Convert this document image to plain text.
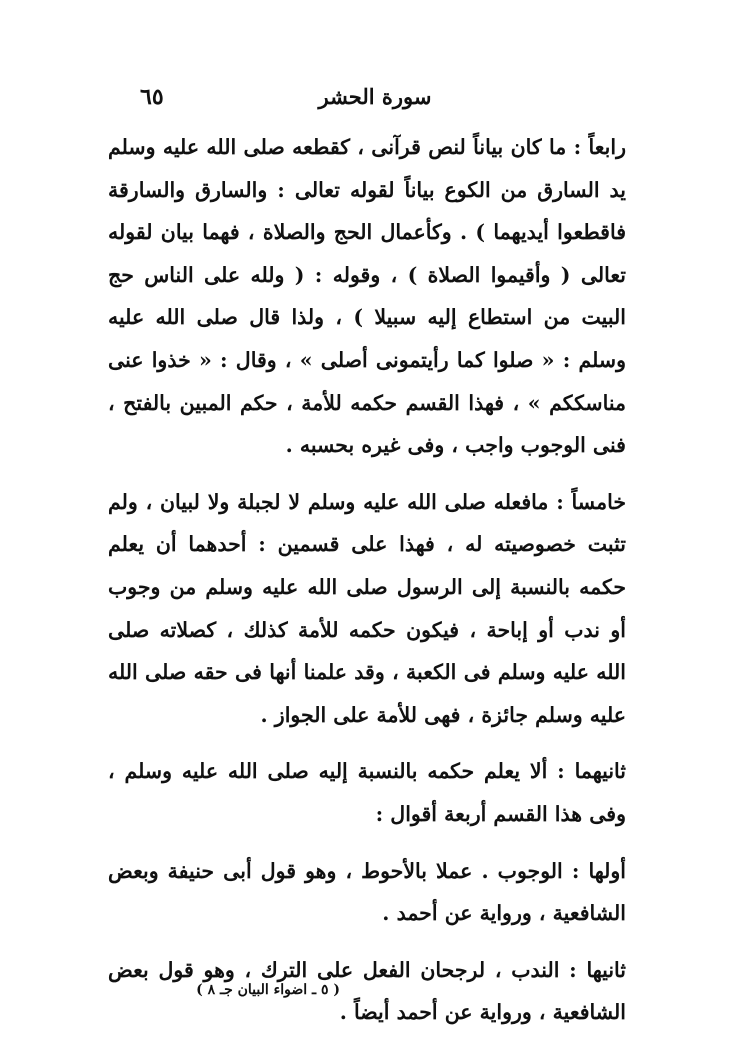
٦٥	سورة الحشر

رابعاً : ما كان بياناً لنص قرآنى ، كقطعه صلى الله عليه وسلم يد السارق من الكوع بياناً لقوله تعالى : والسارق والسارقة فاقطعوا أيديهما ) . وكأعمال الحج والصلاة ، فهما بيان لقوله تعالى ( وأقيموا الصلاة ) ، وقوله : ( ولله على الناس حج البيت من استطاع إليه سبيلا ) ، ولذا قال صلى الله عليه وسلم : « صلوا كما رأيتمونى أصلى » ، وقال : « خذوا عنى مناسككم » ، فهذا القسم حكمه للأمة ، حكم المبين بالفتح ، فنى الوجوب واجب ، وفى غيره بحسبه .

خامساً : مافعله صلى الله عليه وسلم لا لجبلة ولا لبيان ، ولم تثبت خصوصيته له ، فهذا على قسمين : أحدهما أن يعلم حكمه بالنسبة إلى الرسول صلى الله عليه وسلم من وجوب أو ندب أو إباحة ، فيكون حكمه للأمة كذلك ، كصلاته صلى الله عليه وسلم فى الكعبة ، وقد علمنا أنها فى حقه صلى الله عليه وسلم جائزة ، فهى للأمة على الجواز .

ثانيهما : ألا يعلم حكمه بالنسبة إليه صلى الله عليه وسلم ، وفى هذا القسم أربعة أقوال :

أولها : الوجوب . عملا بالأحوط ، وهو قول أبى حنيفة وبعض الشافعية ، ورواية عن أحمد .

ثانيها : الندب ، لرجحان الفعل على الترك ، وهو قول بعض الشافعية ، ورواية عن أحمد أيضاً .

( ٥ ـ اضواء البيان جـ ٨ )
